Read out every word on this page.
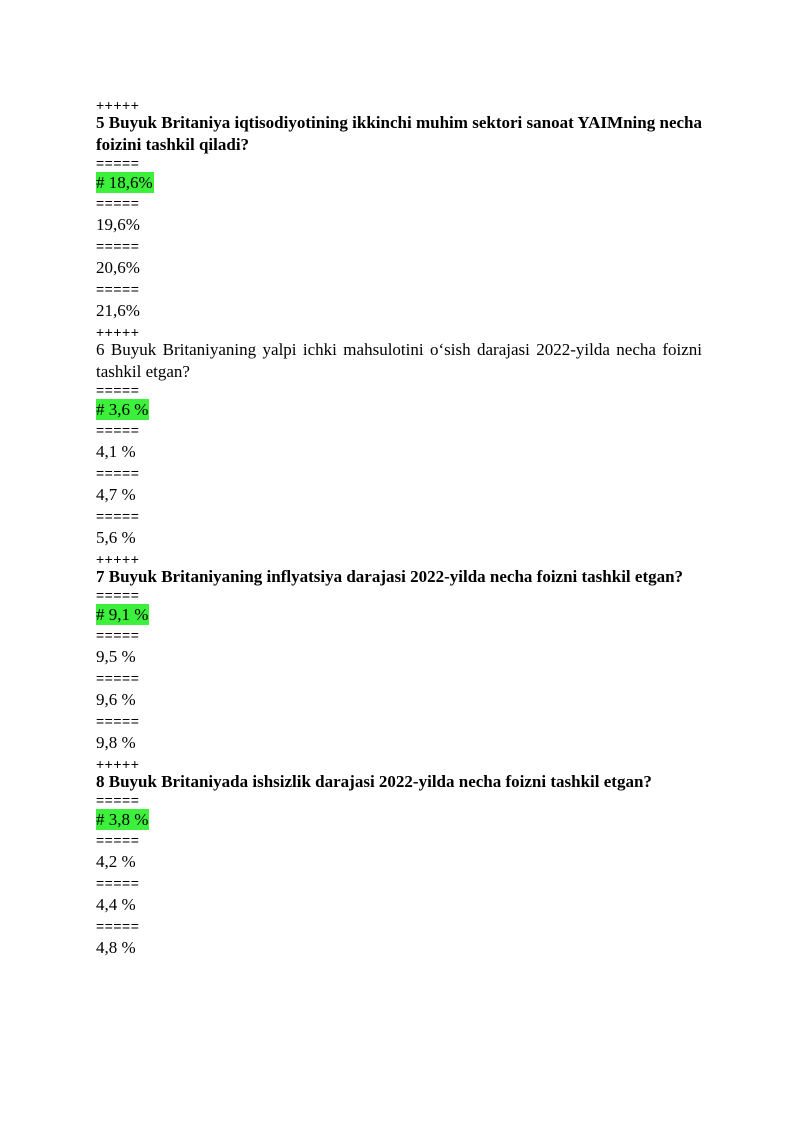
+++++
5 Buyuk Britaniya iqtisodiyotining ikkinchi muhim sektori sanoat YAIMning necha foizini tashkil qiladi?
=====
# 18,6%
=====
19,6%
=====
20,6%
=====
21,6%
+++++
6 Buyuk Britaniyaning yalpi ichki mahsulotini o‘sish darajasi 2022-yilda necha foizni tashkil etgan?
=====
# 3,6 %
=====
4,1 %
=====
4,7 %
=====
5,6 %
+++++
7 Buyuk Britaniyaning inflyatsiya darajasi 2022-yilda necha foizni tashkil etgan?
=====
# 9,1 %
=====
9,5 %
=====
9,6 %
=====
9,8 %
+++++
8 Buyuk Britaniyada ishsizlik darajasi 2022-yilda necha foizni tashkil etgan?
=====
# 3,8 %
=====
4,2 %
=====
4,4 %
=====
4,8 %
